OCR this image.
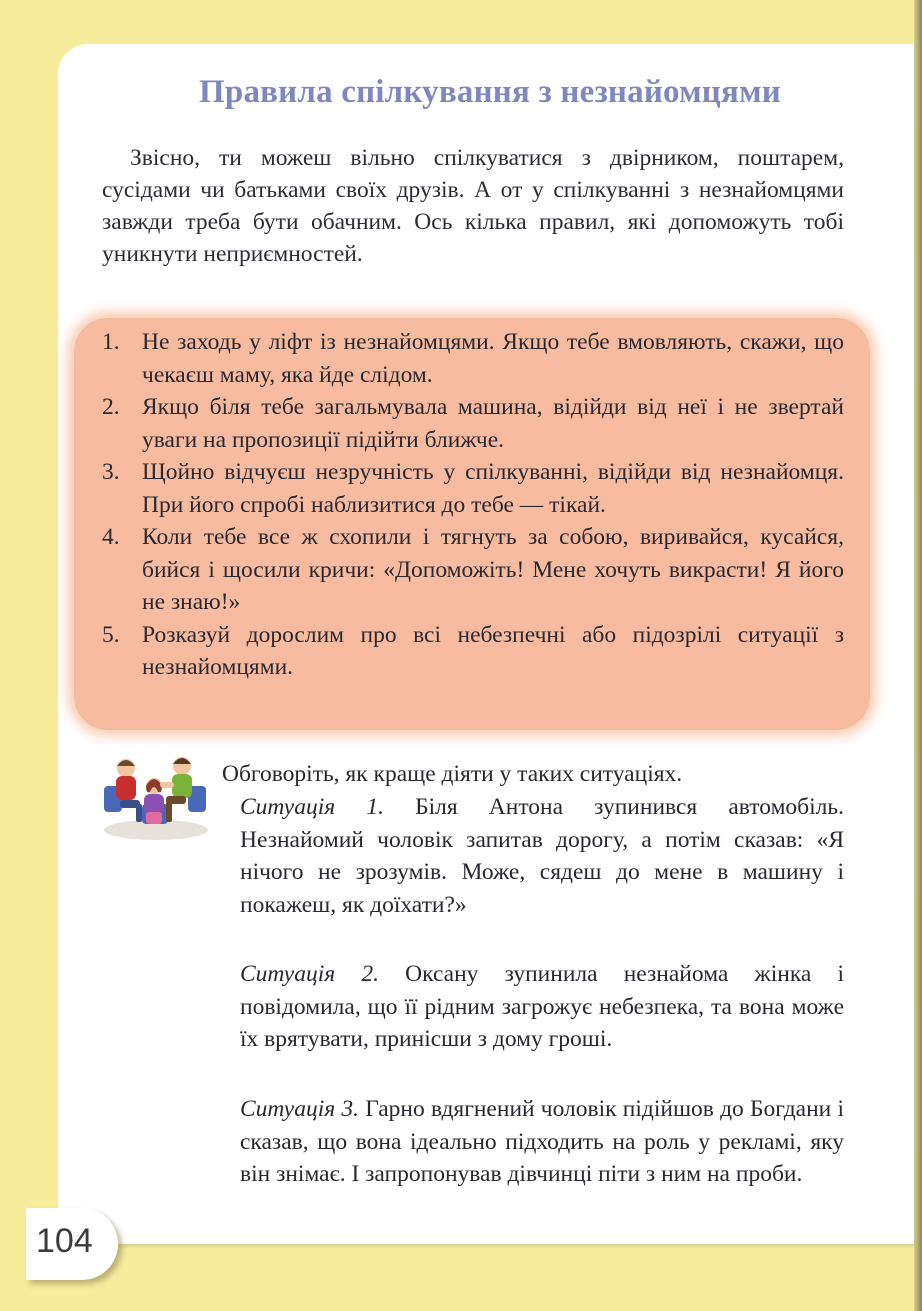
Правила спілкування з незнайомцями

Звісно, ти можеш вільно спілкуватися з двірником, поштарем, сусідами чи батьками своїх друзів. А от у спілкуванні з незнайомцями завжди треба бути обачним. Ось кілька правил, які допоможуть тобі уникнути неприємностей.

1. Не заходь у ліфт із незнайомцями. Якщо тебе вмовляють, скажи, що чекаєш маму, яка йде слідом.
2. Якщо біля тебе загальмувала машина, відійди від неї і не звертай уваги на пропозиції підійти ближче.
3. Щойно відчуєш незручність у спілкуванні, відійди від незнайомця. При його спробі наблизитися до тебе — тікай.
4. Коли тебе все ж схопили і тягнуть за собою, виривайся, кусайся, бийся і щосили кричи: «Допоможіть! Мене хочуть викрасти! Я його не знаю!»
5. Розказуй дорослим про всі небезпечні або підозрілі ситуації з незнайомцями.
Обговоріть, як краще діяти у таких ситуаціях.
Ситуація 1. Біля Антона зупинився автомобіль. Незнайомий чоловік запитав дорогу, а потім сказав: «Я нічого не зрозумів. Може, сядеш до мене в машину і покажеш, як доїхати?»
Ситуація 2. Оксану зупинила незнайома жінка і повідомила, що її рідним загрожує небезпека, та вона може їх врятувати, принісши з дому гроші.
Ситуація 3. Гарно вдягнений чоловік підійшов до Богдани і сказав, що вона ідеально підходить на роль у рекламі, яку він знімає. І запропонував дівчинці піти з ним на проби.
104
